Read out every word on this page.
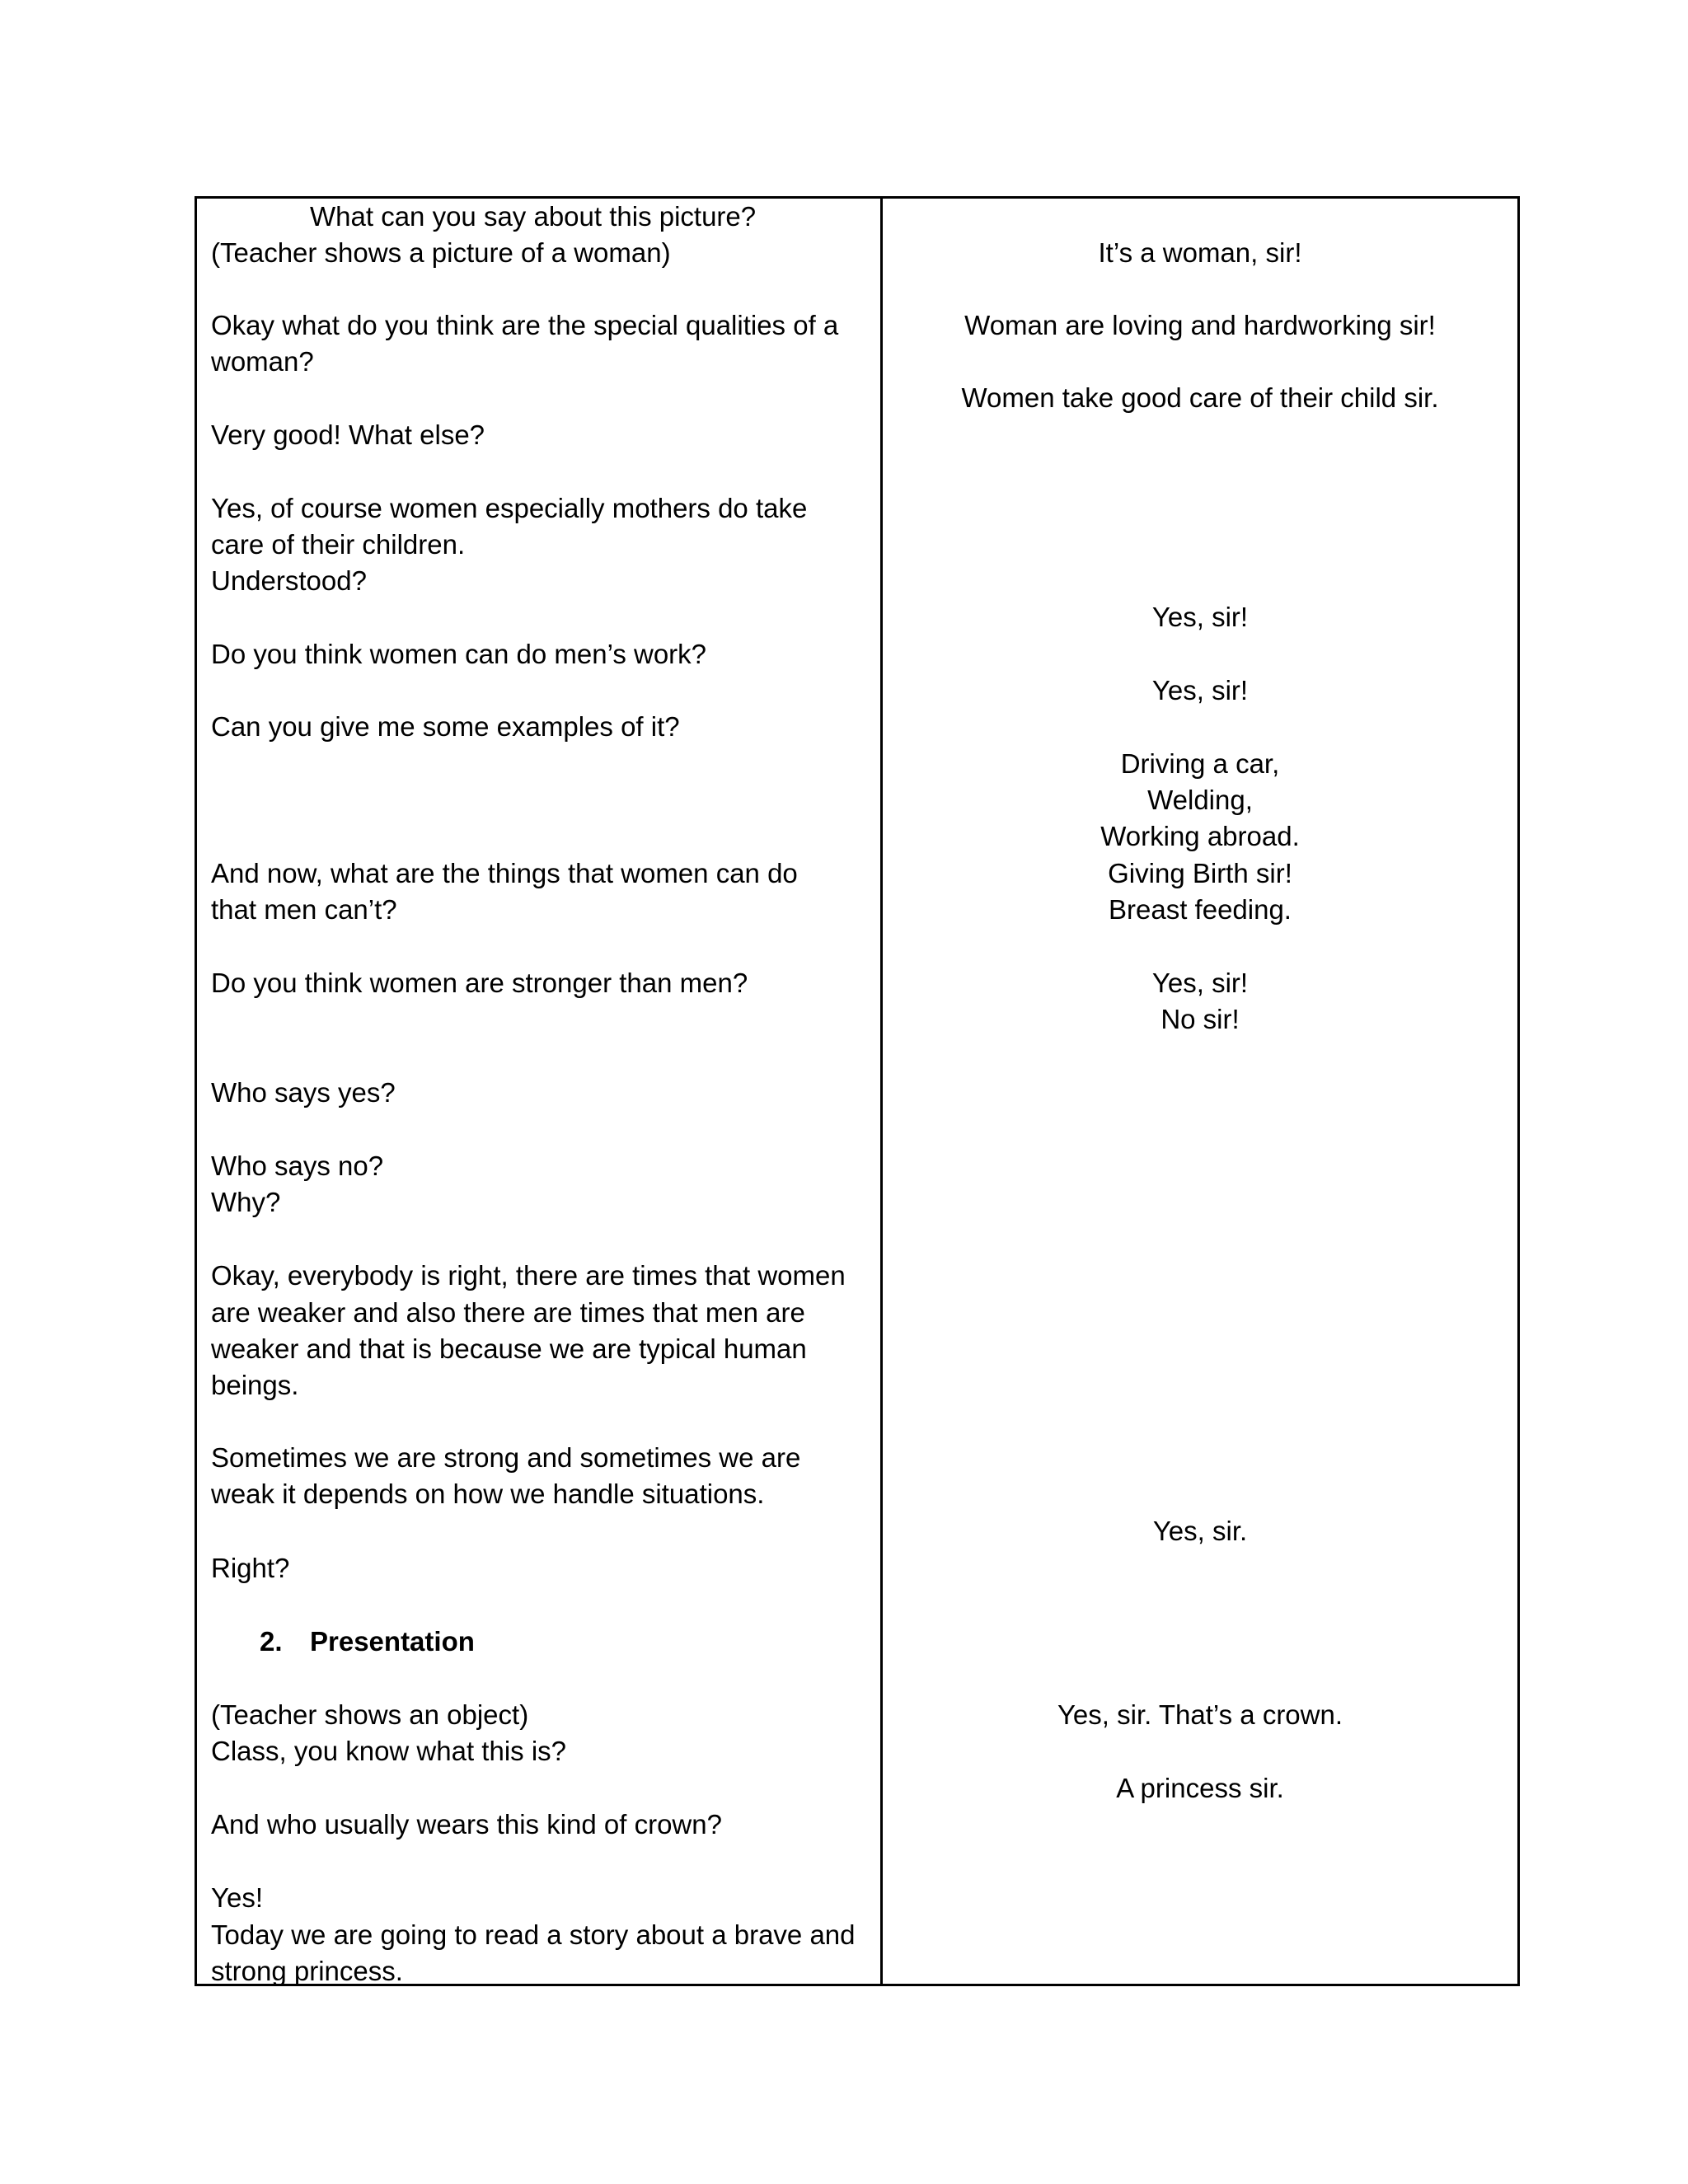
What can you say about this picture?
(Teacher shows a picture of a woman)
Okay what do you think are the special qualities of a
woman?
Very good! What else?
Yes, of course women especially mothers do take
care of their children.
Understood?
Do you think women can do men’s work?
Can you give me some examples of it?
And now, what are the things that women can do
that men can’t?
Do you think women are stronger than men?
Who says yes?
Who says no?
Why?
Okay, everybody is right, there are times that women
are weaker and also there are times that men are
weaker and that is because we are typical human
beings.
Sometimes we are strong and sometimes we are
weak it depends on how we handle situations.
Right?
2. Presentation
(Teacher shows an object)
Class, you know what this is?
And who usually wears this kind of crown?
Yes!
Today we are going to read a story about a brave and
strong princess.
It’s a woman, sir!
Woman are loving and hardworking sir!
Women take good care of their child sir.
Yes, sir!
Yes, sir!
Driving a car,
Welding,
Working abroad.
Giving Birth sir!
Breast feeding.
Yes, sir!
No sir!
Yes, sir.
Yes, sir. That’s a crown.
A princess sir.
